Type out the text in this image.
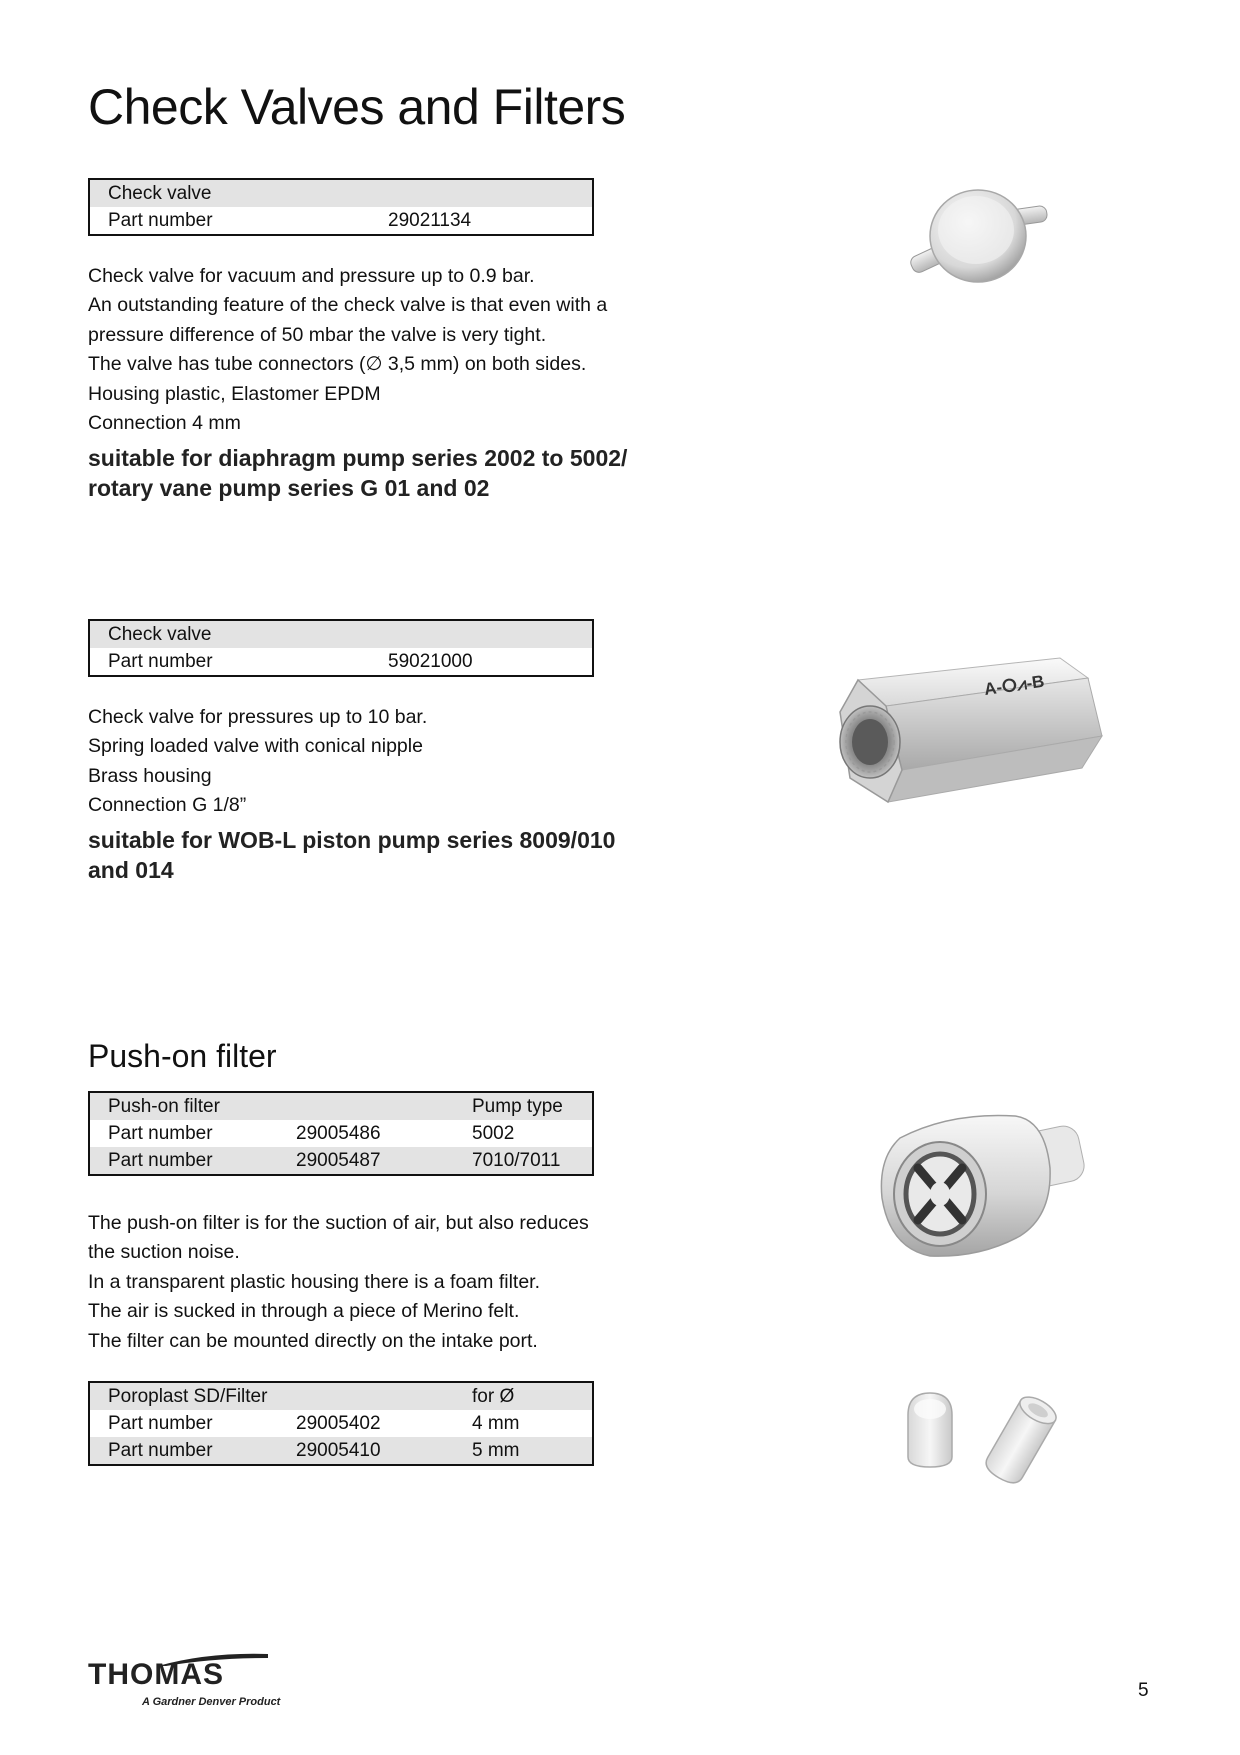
Check Valves and Filters
Check valve	
Part number	29021134
Check valve for vacuum and pressure up to 0.9 bar.
An outstanding feature of the check valve is that even with a
pressure difference of 50 mbar the valve is very tight.
The valve has tube connectors (∅ 3,5 mm) on both sides.
Housing plastic, Elastomer EPDM
Connection 4 mm
suitable for diaphragm pump series 2002 to 5002/
rotary vane pump series G 01 and 02
Check valve	
Part number	59021000
Check valve for pressures up to 10 bar.
Spring loaded valve with conical nipple
Brass housing
Connection G 1/8”
suitable for WOB-L piston pump series 8009/010
and 014
A-ⵔ⩘-B
Push-on filter
Push-on filter		Pump type
Part number	29005486	5002
Part number	29005487	7010/7011
The push-on filter is for the suction of air, but also reduces
the suction noise.
In a transparent plastic housing there is a foam filter.
The air is sucked in through a piece of Merino felt.
The filter can be mounted directly on the intake port.
Poroplast SD/Filter		for Ø
Part number	29005402	4 mm
Part number	29005410	5 mm
THOMAS
A Gardner Denver Product
5
